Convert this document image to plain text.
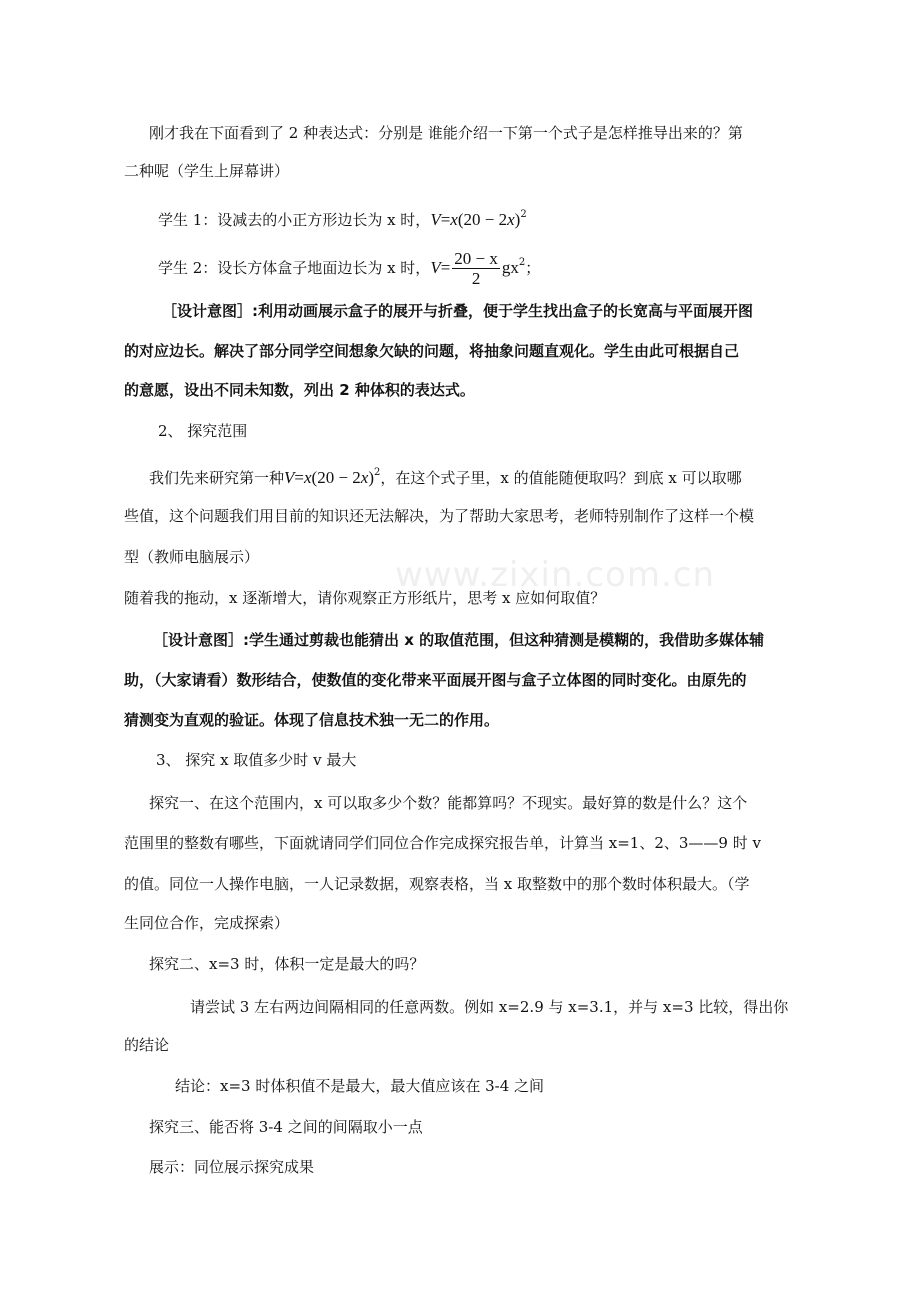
www.zixin.com.cn
刚才我在下面看到了 2 种表达式：分别是 谁能介绍一下第一个式子是怎样推导出来的？第
二种呢（学生上屏幕讲）
学生 1：设减去的小正方形边长为 x 时，$V=x(20 - 2x)^2$
学生 2：设长方体盒子地面边长为 x 时，$V= \frac{20 - x}{2} gx^2$；
［设计意图］:利用动画展示盒子的展开与折叠，便于学生找出盒子的长宽高与平面展开图
的对应边长。解决了部分同学空间想象欠缺的问题，将抽象问题直观化。学生由此可根据自己
的意愿，设出不同未知数，列出 2 种体积的表达式。
2、 探究范围
我们先来研究第一种$V=x(20 - 2x)^2$，在这个式子里，x 的值能随便取吗？到底 x 可以取哪
些值，这个问题我们用目前的知识还无法解决，为了帮助大家思考，老师特别制作了这样一个模
型（教师电脑展示）
随着我的拖动，x 逐渐增大，请你观察正方形纸片，思考 x 应如何取值？
［设计意图］:学生通过剪裁也能猜出 x 的取值范围，但这种猜测是模糊的，我借助多媒体辅
助，（大家请看）数形结合，使数值的变化带来平面展开图与盒子立体图的同时变化。由原先的
猜测变为直观的验证。体现了信息技术独一无二的作用。
3、 探究 x 取值多少时 v 最大
探究一、在这个范围内，x 可以取多少个数？能都算吗？不现实。最好算的数是什么？这个
范围里的整数有哪些，下面就请同学们同位合作完成探究报告单，计算当 x=1、2、3——9 时 v
的值。同位一人操作电脑，一人记录数据，观察表格，当 x 取整数中的那个数时体积最大。（学
生同位合作，完成探索）
探究二、x=3 时，体积一定是最大的吗？
请尝试 3 左右两边间隔相同的任意两数。例如 x=2.9 与 x=3.1，并与 x=3 比较，得出你
的结论
结论：x=3 时体积值不是最大，最大值应该在 3-4 之间
探究三、能否将 3-4 之间的间隔取小一点
展示：同位展示探究成果
